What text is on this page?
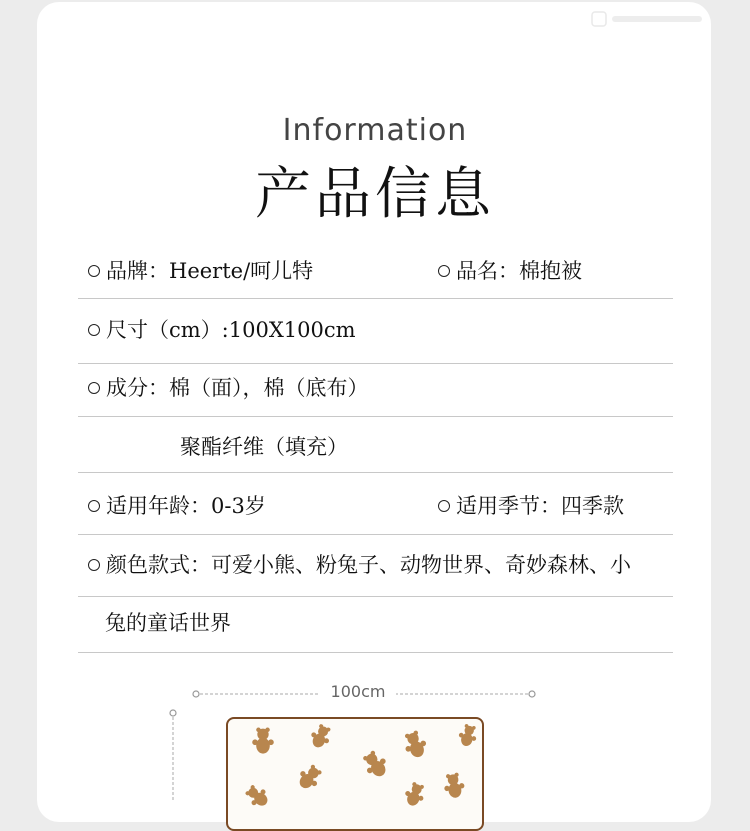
Information
产品信息
品牌：Heerte/呵儿特	品名：棉抱被
尺寸（cm）:100X100cm
成分：棉（面），棉（底布）
聚酯纤维（填充）
适用年龄：0-3岁	适用季节：四季款
颜色款式：可爱小熊、粉兔子、动物世界、奇妙森林、小
兔的童话世界
100cm
